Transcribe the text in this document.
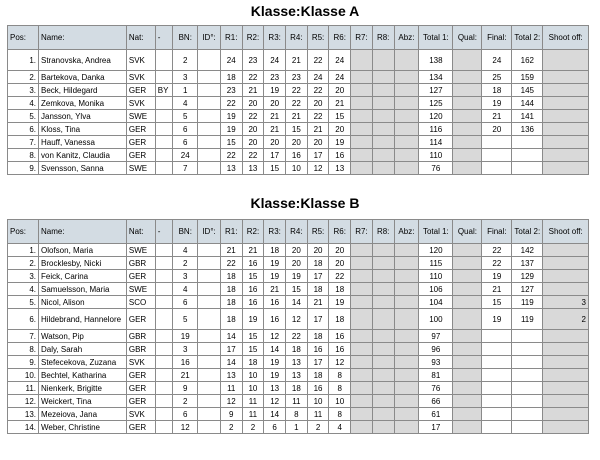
Klasse:Klasse A
Pos:	Name:	Nat:	-	BN:	ID°:	R1:	R2:	R3:	R4:	R5:	R6:	R7:	R8:	Abz:	Total 1:	Qual:	Final:	Total 2:	Shoot off:
1.	Stranovska, Andrea	SVK		2		24	23	24	21	22	24				138		24	162	
2.	Bartekova, Danka	SVK		3		18	22	23	23	24	24				134		25	159	
3.	Beck, Hildegard	GER	BY	1		23	21	19	22	22	20				127		18	145	
4.	Zemkova, Monika	SVK		4		22	20	20	22	20	21				125		19	144	
5.	Jansson, Ylva	SWE		5		19	22	21	21	22	15				120		21	141	
6.	Kloss, Tina	GER		6		19	20	21	15	21	20				116		20	136	
7.	Hauff, Vanessa	GER		6		15	20	20	20	20	19				114				
8.	von Kanitz, Claudia	GER		24		22	22	17	16	17	16				110				
9.	Svensson, Sanna	SWE		7		13	13	15	10	12	13				76				
Klasse:Klasse B
Pos:	Name:	Nat:	-	BN:	ID°:	R1:	R2:	R3:	R4:	R5:	R6:	R7:	R8:	Abz:	Total 1:	Qual:	Final:	Total 2:	Shoot off:
1.	Olofson, Maria	SWE		4		21	21	18	20	20	20				120		22	142	
2.	Brocklesby, Nicki	GBR		2		22	16	19	20	18	20				115		22	137	
3.	Feick, Carina	GER		3		18	15	19	19	17	22				110		19	129	
4.	Samuelsson, Maria	SWE		4		18	16	21	15	18	18				106		21	127	
5.	Nicol, Alison	SCO		6		18	16	16	14	21	19				104		15	119	3
6.	Hildebrand, Hannelore	GER		5		18	19	16	12	17	18				100		19	119	2
7.	Watson, Pip	GBR		19		14	15	12	22	18	16				97				
8.	Daly, Sarah	GBR		3		17	15	14	18	16	16				96				
9.	Stefecekova, Zuzana	SVK		16		14	18	19	13	17	12				93				
10.	Bechtel, Katharina	GER		21		13	10	19	13	18	8				81				
11.	Nienkerk, Brigitte	GER		9		11	10	13	18	16	8				76				
12.	Weickert, Tina	GER		2		12	11	12	11	10	10				66				
13.	Mezeiova, Jana	SVK		6		9	11	14	8	11	8				61				
14.	Weber, Christine	GER		12		2	2	6	1	2	4				17				
